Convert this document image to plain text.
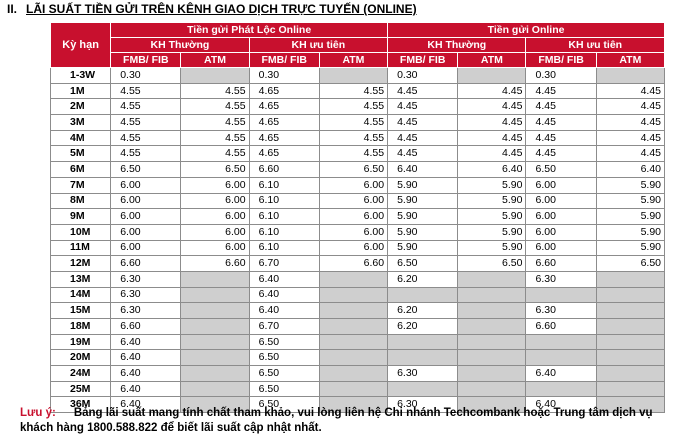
II. LÃI SUẤT TIỀN GỬI TRÊN KÊNH GIAO DỊCH TRỰC TUYẾN (ONLINE)
Kỳ hạn	Tiền gửi Phát Lộc Online				Tiền gửi Online			
	KH Thường		KH ưu tiên		KH Thường		KH ưu tiên	
	FMB/ FIB	ATM	FMB/ FIB	ATM	FMB/ FIB	ATM	FMB/ FIB	ATM
1-3W	0.30		0.30		0.30		0.30	
1M	4.55	4.55	4.65	4.55	4.45	4.45	4.45	4.45
2M	4.55	4.55	4.65	4.55	4.45	4.45	4.45	4.45
3M	4.55	4.55	4.65	4.55	4.45	4.45	4.45	4.45
4M	4.55	4.55	4.65	4.55	4.45	4.45	4.45	4.45
5M	4.55	4.55	4.65	4.55	4.45	4.45	4.45	4.45
6M	6.50	6.50	6.60	6.50	6.40	6.40	6.50	6.40
7M	6.00	6.00	6.10	6.00	5.90	5.90	6.00	5.90
8M	6.00	6.00	6.10	6.00	5.90	5.90	6.00	5.90
9M	6.00	6.00	6.10	6.00	5.90	5.90	6.00	5.90
10M	6.00	6.00	6.10	6.00	5.90	5.90	6.00	5.90
11M	6.00	6.00	6.10	6.00	5.90	5.90	6.00	5.90
12M	6.60	6.60	6.70	6.60	6.50	6.50	6.60	6.50
13M	6.30		6.40		6.20		6.30	
14M	6.30		6.40					
15M	6.30		6.40		6.20		6.30	
18M	6.60		6.70		6.20		6.60	
19M	6.40		6.50					
20M	6.40		6.50					
24M	6.40		6.50		6.30		6.40	
25M	6.40		6.50					
36M	6.40		6.50		6.30		6.40	
Lưu ý: Bảng lãi suất mang tính chất tham khảo, vui lòng liên hệ Chi nhánh Techcombank hoặc Trung tâm dịch vụ khách hàng 1800.588.822 để biết lãi suất cập nhật nhất.
